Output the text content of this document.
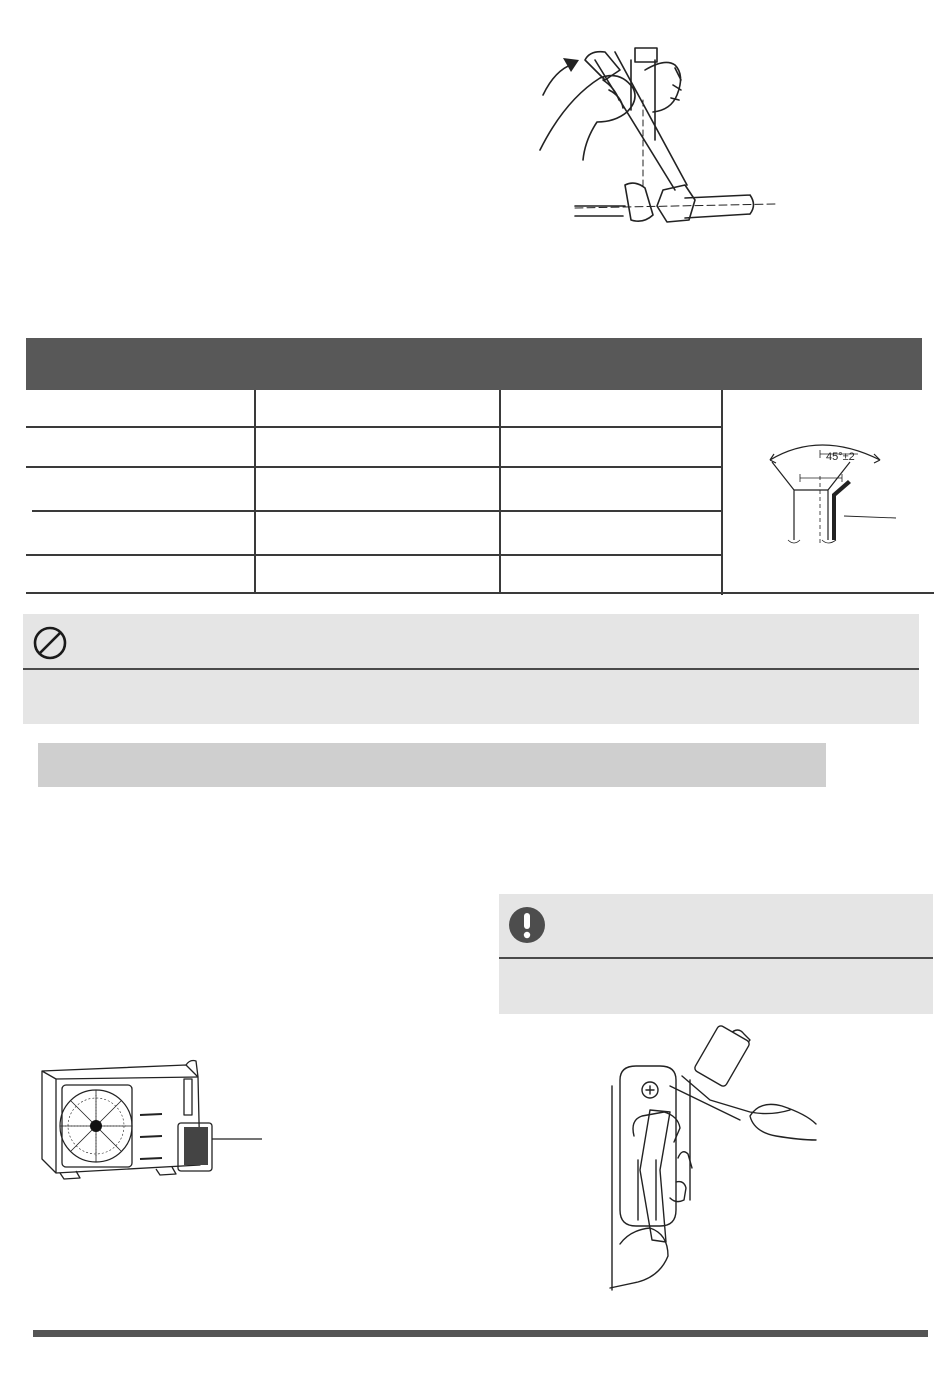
45°±2
